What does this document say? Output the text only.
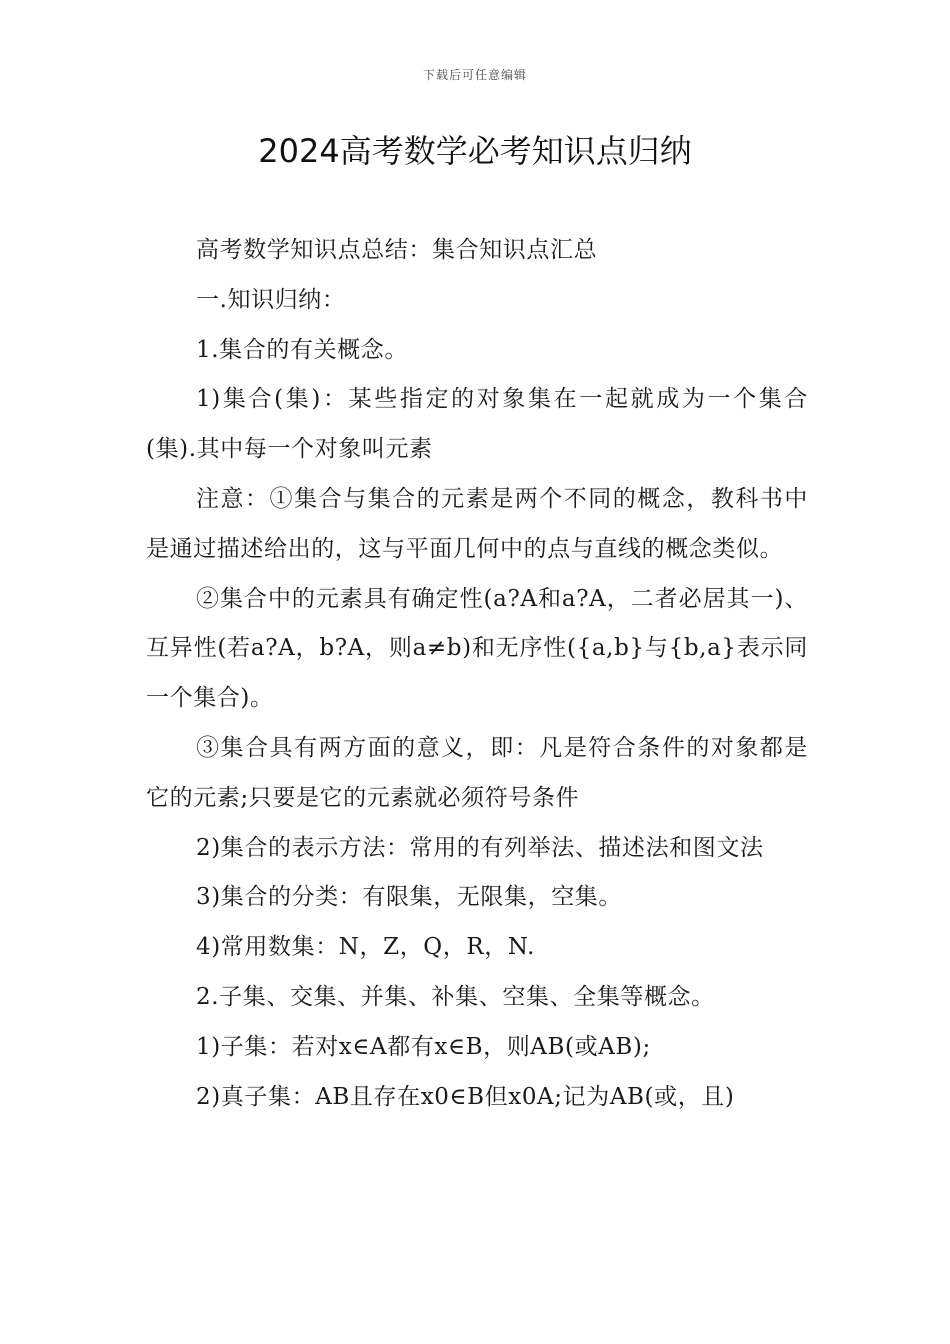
下载后可任意编辑
2024高考数学必考知识点归纳

高考数学知识点总结：集合知识点汇总

一.知识归纳：

1.集合的有关概念。

1)集合(集)：某些指定的对象集在一起就成为一个集合(集).其中每一个对象叫元素

注意：①集合与集合的元素是两个不同的概念，教科书中是通过描述给出的，这与平面几何中的点与直线的概念类似。

②集合中的元素具有确定性(a?A和a?A，二者必居其一)、互异性(若a?A，b?A，则a≠b)和无序性({a,b}与{b,a}表示同一个集合)。

③集合具有两方面的意义，即：凡是符合条件的对象都是它的元素;只要是它的元素就必须符号条件

2)集合的表示方法：常用的有列举法、描述法和图文法

3)集合的分类：有限集，无限集，空集。

4)常用数集：N，Z，Q，R，N.

2.子集、交集、并集、补集、空集、全集等概念。

1)子集：若对x∈A都有x∈B，则AB(或AB);

2)真子集：AB且存在x0∈B但x0A;记为AB(或，且)
